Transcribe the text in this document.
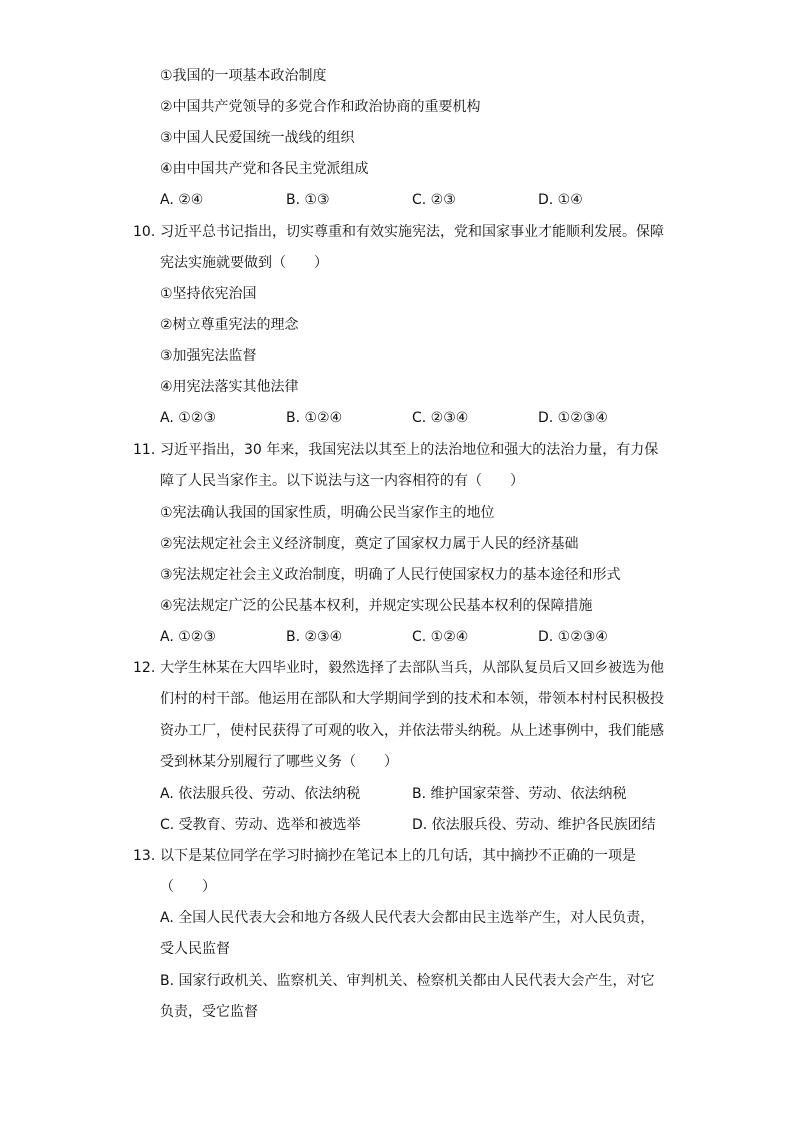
①我国的一项基本政治制度
②中国共产党领导的多党合作和政治协商的重要机构
③中国人民爱国统一战线的组织
④由中国共产党和各民主党派组成
A. ②④	B. ①③	C. ②③	D. ①④
10. 习近平总书记指出，切实尊重和有效实施宪法，党和国家事业才能顺利发展。保障
宪法实施就要做到（　　）
①坚持依宪治国
②树立尊重宪法的理念
③加强宪法监督
④用宪法落实其他法律
A. ①②③	B. ①②④	C. ②③④	D. ①②③④
11. 习近平指出，30 年来，我国宪法以其至上的法治地位和强大的法治力量，有力保
障了人民当家作主。以下说法与这一内容相符的有（　　）
①宪法确认我国的国家性质，明确公民当家作主的地位
②宪法规定社会主义经济制度，奠定了国家权力属于人民的经济基础
③宪法规定社会主义政治制度，明确了人民行使国家权力的基本途径和形式
④宪法规定广泛的公民基本权利，并规定实现公民基本权利的保障措施
A. ①②③	B. ②③④	C. ①②④	D. ①②③④
12. 大学生林某在大四毕业时，毅然选择了去部队当兵，从部队复员后又回乡被选为他
们村的村干部。他运用在部队和大学期间学到的技术和本领，带领本村村民积极投
资办工厂，使村民获得了可观的收入，并依法带头纳税。从上述事例中，我们能感
受到林某分别履行了哪些义务（　　）
A. 依法服兵役、劳动、依法纳税	B. 维护国家荣誉、劳动、依法纳税
C. 受教育、劳动、选举和被选举	D. 依法服兵役、劳动、维护各民族团结
13. 以下是某位同学在学习时摘抄在笔记本上的几句话，其中摘抄不正确的一项是
（　　）
A. 全国人民代表大会和地方各级人民代表大会都由民主选举产生，对人民负责，
受人民监督
B. 国家行政机关、监察机关、审判机关、检察机关都由人民代表大会产生，对它
负责，受它监督
